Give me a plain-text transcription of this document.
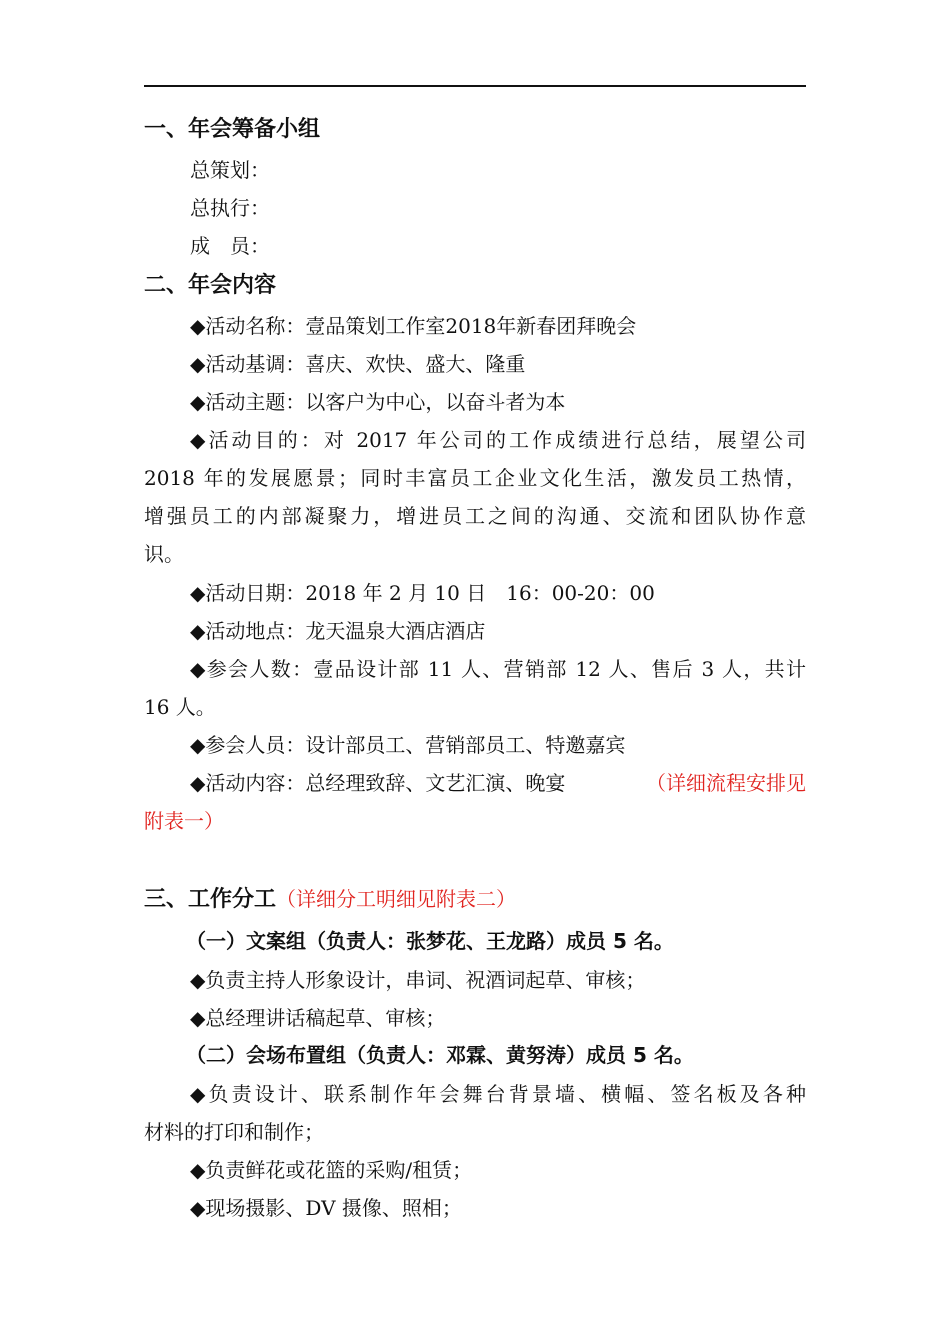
一、年会筹备小组
总策划：
总执行：
成　员：
二、年会内容
◆活动名称：壹品策划工作室2018年新春团拜晚会
◆活动基调：喜庆、欢快、盛大、隆重
◆活动主题：以客户为中心，以奋斗者为本
◆活动目的：对 2017 年公司的工作成绩进行总结，展望公司
2018 年的发展愿景；同时丰富员工企业文化生活，激发员工热情，
增强员工的内部凝聚力，增进员工之间的沟通、交流和团队协作意
识。
◆活动日期：2018 年 2 月 10 日　16：00-20：00
◆活动地点：龙天温泉大酒店酒店
◆参会人数：壹品设计部 11 人、营销部 12 人、售后 3 人，共计
16 人。
◆参会人员：设计部员工、营销部员工、特邀嘉宾
◆活动内容：总经理致辞、文艺汇演、晚宴	（详细流程安排见
附表一）
三、工作分工（详细分工明细见附表二）
（一）文案组（负责人：张梦花、王龙路）成员 5 名。
◆负责主持人形象设计，串词、祝酒词起草、审核；
◆总经理讲话稿起草、审核；
（二）会场布置组（负责人：邓霖、黄努涛）成员 5 名。
◆负责设计、联系制作年会舞台背景墙、横幅、签名板及各种
材料的打印和制作；
◆负责鲜花或花篮的采购/租赁；
◆现场摄影、DV 摄像、照相；
